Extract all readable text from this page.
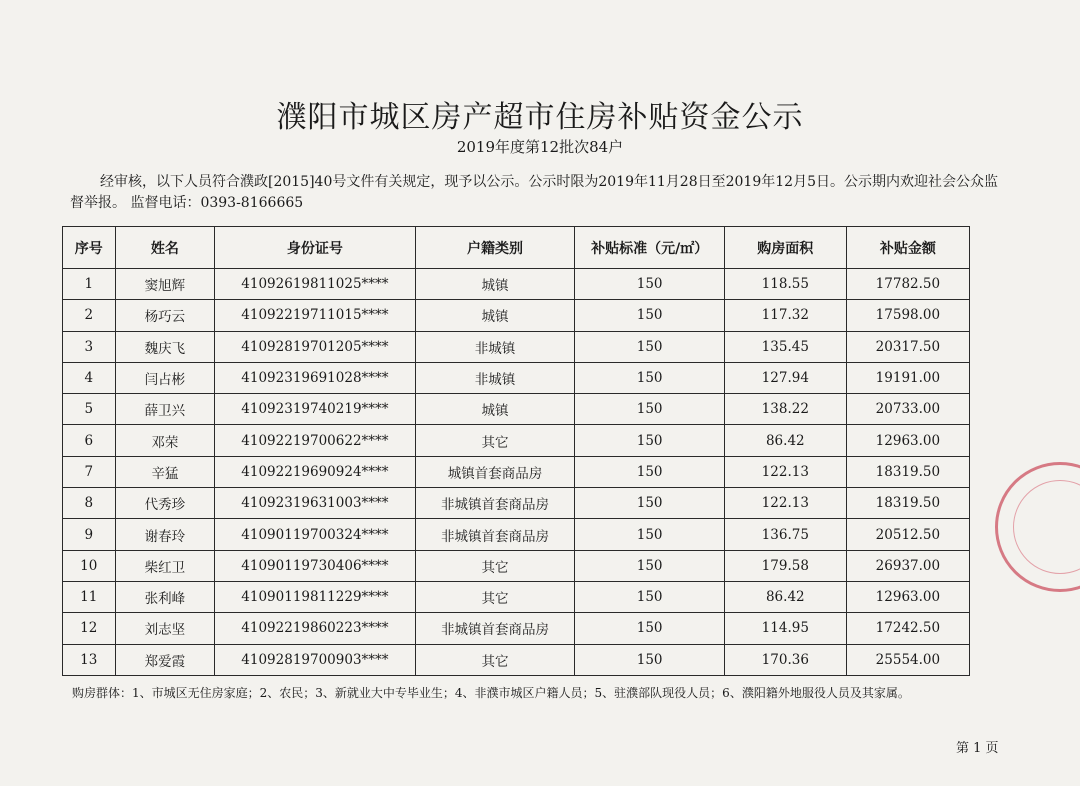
濮阳市城区房产超市住房补贴资金公示
2019年度第12批次84户
经审核，以下人员符合濮政[2015]40号文件有关规定，现予以公示。公示时限为2019年11月28日至2019年12月5日。公示期内欢迎社会公众监督举报。 监督电话：0393-8166665
序号	姓名	身份证号	户籍类别	补贴标准（元/㎡）	购房面积	补贴金额
1	窦旭辉	41092619811025****	城镇	150	118.55	17782.50
2	杨巧云	41092219711015****	城镇	150	117.32	17598.00
3	魏庆飞	41092819701205****	非城镇	150	135.45	20317.50
4	闫占彬	41092319691028****	非城镇	150	127.94	19191.00
5	薛卫兴	41092319740219****	城镇	150	138.22	20733.00
6	邓荣	41092219700622****	其它	150	86.42	12963.00
7	辛猛	41092219690924****	城镇首套商品房	150	122.13	18319.50
8	代秀珍	41092319631003****	非城镇首套商品房	150	122.13	18319.50
9	谢春玲	41090119700324****	非城镇首套商品房	150	136.75	20512.50
10	柴红卫	41090119730406****	其它	150	179.58	26937.00
11	张利峰	41090119811229****	其它	150	86.42	12963.00
12	刘志坚	41092219860223****	非城镇首套商品房	150	114.95	17242.50
13	郑爱霞	41092819700903****	其它	150	170.36	25554.00
购房群体：1、市城区无住房家庭；2、农民；3、新就业大中专毕业生；4、非濮市城区户籍人员；5、驻濮部队现役人员；6、濮阳籍外地服役人员及其家属。
第 1 页
